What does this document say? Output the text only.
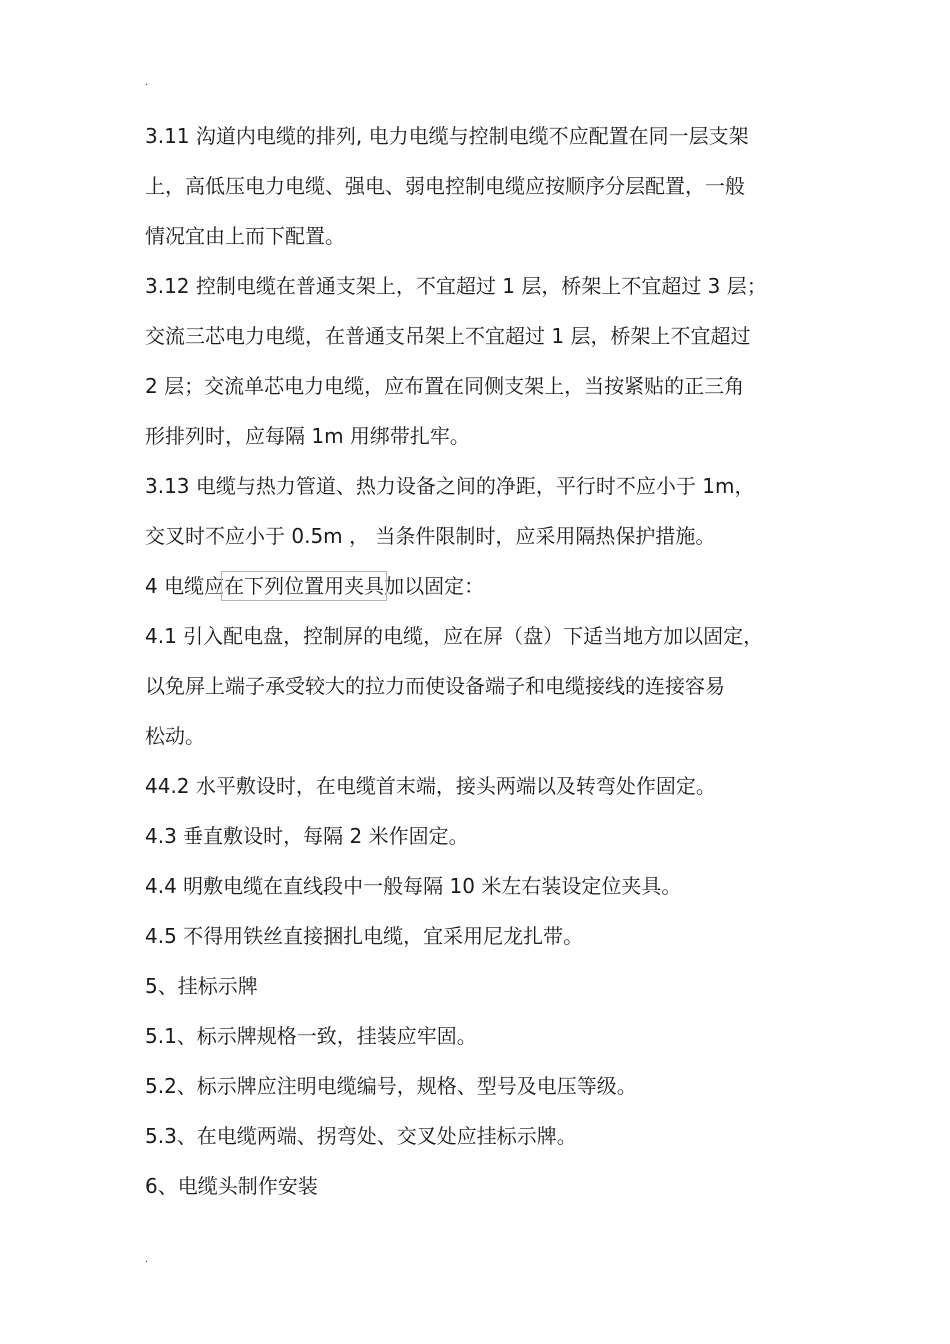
.

3.11 沟道内电缆的排列, 电力电缆与控制电缆不应配置在同一层支架
上，高低压电力电缆、强电、弱电控制电缆应按顺序分层配置，一般
情况宜由上而下配置。

3.12 控制电缆在普通支架上，不宜超过 1 层，桥架上不宜超过 3 层；
交流三芯电力电缆，在普通支吊架上不宜超过 1 层，桥架上不宜超过
2 层；交流单芯电力电缆，应布置在同侧支架上，当按紧贴的正三角
形排列时，应每隔 1m 用绑带扎牢。

3.13 电缆与热力管道、热力设备之间的净距，平行时不应小于 1m，
交叉时不应小于 0.5m ， 当条件限制时，应采用隔热保护措施。

4 电缆应在下列位置用夹具加以固定：

4.1 引入配电盘，控制屏的电缆，应在屏（盘）下适当地方加以固定，
以免屏上端子承受较大的拉力而使设备端子和电缆接线的连接容易
松动。

44.2 水平敷设时，在电缆首末端，接头两端以及转弯处作固定。

4.3 垂直敷设时，每隔 2 米作固定。

4.4 明敷电缆在直线段中一般每隔 10 米左右装设定位夹具。

4.5 不得用铁丝直接捆扎电缆，宜采用尼龙扎带。

5、挂标示牌

5.1、标示牌规格一致，挂装应牢固。

5.2、标示牌应注明电缆编号，规格、型号及电压等级。

5.3、在电缆两端、拐弯处、交叉处应挂标示牌。

6、电缆头制作安装

.
